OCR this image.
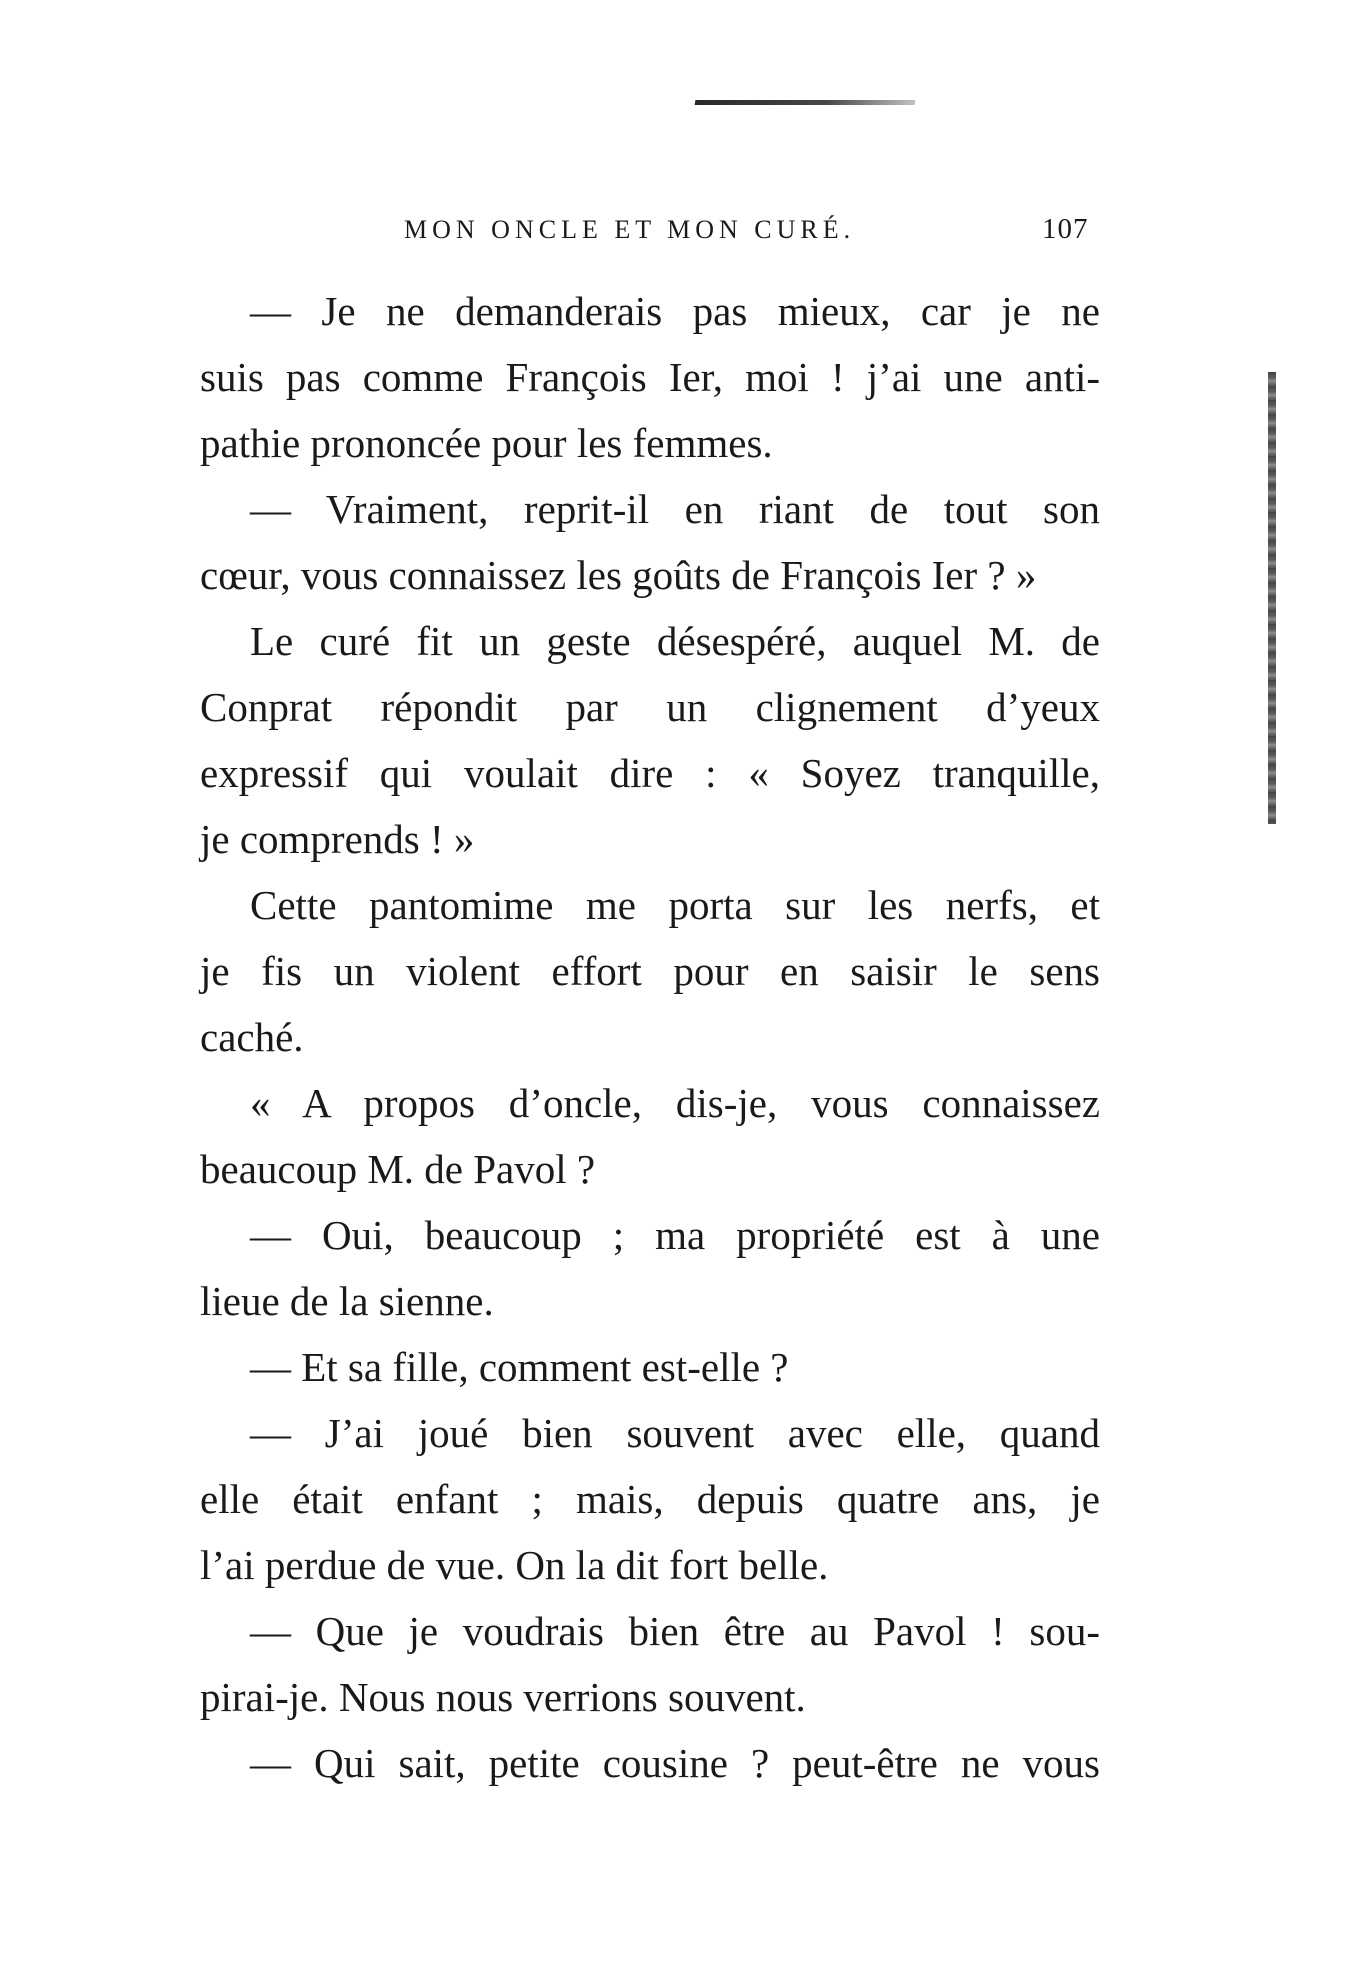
MON ONCLE ET MON CURÉ.	107
— Je ne demanderais pas mieux, car je ne
suis pas comme François Ier, moi ! j’ai une anti-
pathie prononcée pour les femmes.
— Vraiment, reprit-il en riant de tout son
cœur, vous connaissez les goûts de François Ier ? »
Le curé fit un geste désespéré, auquel M. de
Conprat répondit par un clignement d’yeux
expressif qui voulait dire : « Soyez tranquille,
je comprends ! »
Cette pantomime me porta sur les nerfs, et
je fis un violent effort pour en saisir le sens
caché.
« A propos d’oncle, dis-je, vous connaissez
beaucoup M. de Pavol ?
— Oui, beaucoup ; ma propriété est à une
lieue de la sienne.
— Et sa fille, comment est-elle ?
— J’ai joué bien souvent avec elle, quand
elle était enfant ; mais, depuis quatre ans, je
l’ai perdue de vue. On la dit fort belle.
— Que je voudrais bien être au Pavol ! sou-
pirai-je. Nous nous verrions souvent.
— Qui sait, petite cousine ? peut-être ne vous
